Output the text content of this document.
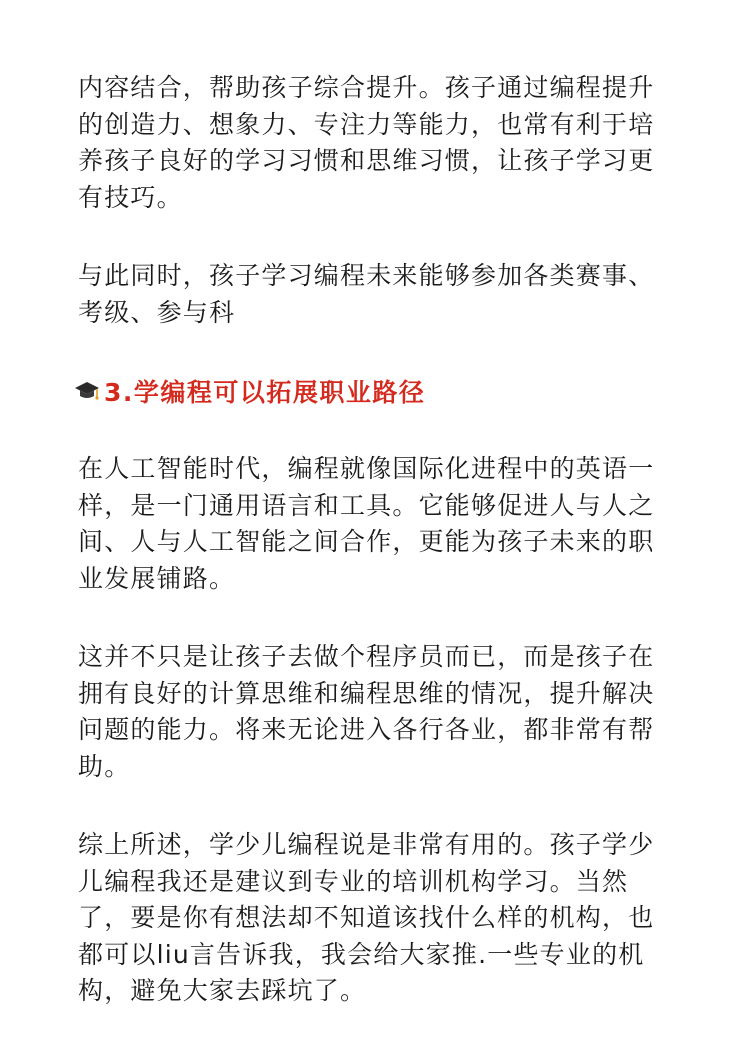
内容结合，帮助孩子综合提升。孩子通过编程提升
的创造力、想象力、专注力等能力，也常有利于培
养孩子良好的学习习惯和思维习惯，让孩子学习更
有技巧。
与此同时，孩子学习编程未来能够参加各类赛事、
考级、参与科
3.学编程可以拓展职业路径
在人工智能时代，编程就像国际化进程中的英语一
样，是一门通用语言和工具。它能够促进人与人之
间、人与人工智能之间合作，更能为孩子未来的职
业发展铺路。
这并不只是让孩子去做个程序员而已，而是孩子在
拥有良好的计算思维和编程思维的情况，提升解决
问题的能力。将来无论进入各行各业，都非常有帮
助。
综上所述，学少儿编程说是非常有用的。孩子学少
儿编程我还是建议到专业的培训机构学习。当然
了，要是你有想法却不知道该找什么样的机构，也
都可以liu言告诉我，我会给大家推.一些专业的机
构，避免大家去踩坑了。
